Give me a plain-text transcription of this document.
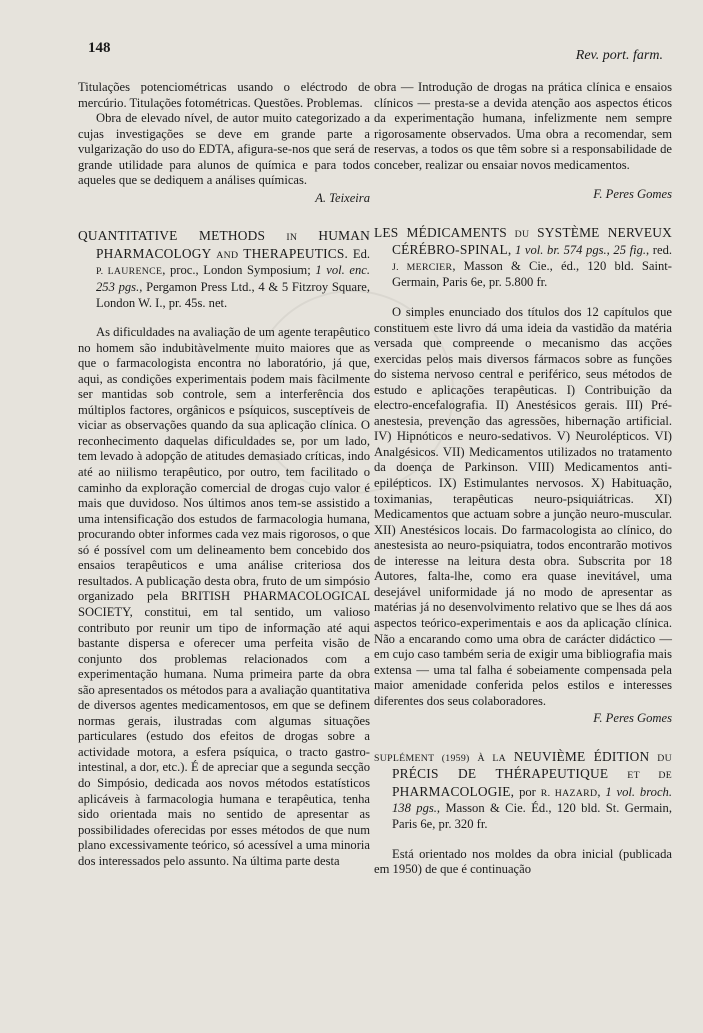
148	Rev. port. farm.

Titulações potenciométricas usando o eléctrodo de mercúrio. Titulações fotométricas. Questões. Problemas.

Obra de elevado nível, de autor muito categorizado a cujas investigações se deve em grande parte a vulgarização do uso do EDTA, afigura-se-nos que será de grande utilidade para alunos de química e para todos aqueles que se dediquem a análises químicas.

A. Teixeira

QUANTITATIVE METHODS IN HUMAN PHARMACOLOGY AND THERAPEUTICS. Ed. P. LAURENCE, proc., London Symposium; 1 vol. enc. 253 pgs., Pergamon Press Ltd., 4 & 5 Fitzroy Square, London W. I., pr. 45s. net.

As dificuldades na avaliação de um agente terapêutico no homem são indubitàvelmente muito maiores que as que o farmacologista encontra no laboratório, já que, aqui, as condições experimentais podem mais fàcilmente ser mantidas sob controle, sem a interferência dos múltiplos factores, orgânicos e psíquicos, susceptíveis de viciar as observações quando da sua aplicação clínica. O reconhecimento daquelas dificuldades se, por um lado, tem levado à adopção de atitudes demasiado críticas, indo até ao niilismo terapêutico, por outro, tem facilitado o caminho da exploração comercial de drogas cujo valor é mais que duvidoso. Nos últimos anos tem-se assistido a uma intensificação dos estudos de farmacologia humana, procurando obter informes cada vez mais rigorosos, o que só é possível com um delineamento bem concebido dos ensaios terapêuticos e uma análise criteriosa dos resultados. A publicação desta obra, fruto de um simpósio organizado pela BRITISH PHARMACOLOGICAL SOCIETY, constitui, em tal sentido, um valioso contributo por reunir um tipo de informação até aqui bastante dispersa e oferecer uma perfeita visão de conjunto dos problemas relacionados com a experimentação humana. Numa primeira parte da obra são apresentados os métodos para a avaliação quantitativa de diversos agentes medicamentosos, em que se definem normas gerais, ilustradas com algumas situações particulares (estudo dos efeitos de drogas sobre a actividade motora, a esfera psíquica, o tracto gastro-intestinal, a dor, etc.). É de apreciar que a segunda secção do Simpósio, dedicada aos novos métodos estatísticos aplicáveis à farmacologia humana e terapêutica, tenha sido orientada mais no sentido de apresentar as possibilidades oferecidas por esses métodos de que num plano excessivamente teórico, só acessível a uma minoria dos interessados pelo assunto. Na última parte desta

obra — Introdução de drogas na prática clínica e ensaios clínicos — presta-se a devida atenção aos aspectos éticos da experimentação humana, infelizmente nem sempre rigorosamente observados. Uma obra a recomendar, sem reservas, a todos os que têm sobre si a responsabilidade de conceber, realizar ou ensaiar novos medicamentos.

F. Peres Gomes

LES MÉDICAMENTS DU SYSTÈME NERVEUX CÉRÉBRO-SPINAL, 1 vol. br. 574 pgs., 25 fig., red. J. MERCIER, Masson & Cie., éd., 120 bld. Saint-Germain, Paris 6e, pr. 5.800 fr.

O simples enunciado dos títulos dos 12 capítulos que constituem este livro dá uma ideia da vastidão da matéria versada que compreende o mecanismo das acções exercidas pelos mais diversos fármacos sobre as funções do sistema nervoso central e periférico, seus métodos de estudo e aplicações terapêuticas. I) Contribuição da electro-encefalografia. II) Anestésicos gerais. III) Pré-anestesia, prevenção das agressões, hibernação artificial. IV) Hipnóticos e neuro-sedativos. V) Neurolépticos. VI) Analgésicos. VII) Medicamentos utilizados no tratamento da doença de Parkinson. VIII) Medicamentos anti-epilépticos. IX) Estimulantes nervosos. X) Habituação, toximanias, terapêuticas neuro-psiquiátricas. XI) Medicamentos que actuam sobre a junção neuro-muscular. XII) Anestésicos locais. Do farmacologista ao clínico, do anestesista ao neuro-psiquiatra, todos encontrarão motivos de interesse na leitura desta obra. Subscrita por 18 Autores, falta-lhe, como era quase inevitável, uma desejável uniformidade já no modo de apresentar as matérias já no desenvolvimento relativo que se lhes dá aos aspectos teórico-experimentais e aos da aplicação clínica. Não a encarando como uma obra de carácter didáctico — em cujo caso também seria de exigir uma bibliografia mais extensa — uma tal falha é sobeiamente compensada pela maior amenidade conferida pelos estilos e interesses diferentes dos seus colaboradores.

F. Peres Gomes

SUPLÉMENT (1959) À LA NEUVIÈME ÉDITION DU PRÉCIS DE THÉRAPEUTIQUE ET DE PHARMACOLOGIE, por R. HAZARD, 1 vol. broch. 138 pgs., Masson & Cie. Éd., 120 bld. St. Germain, Paris 6e, pr. 320 fr.

Está orientado nos moldes da obra inicial (publicada em 1950) de que é continuação
